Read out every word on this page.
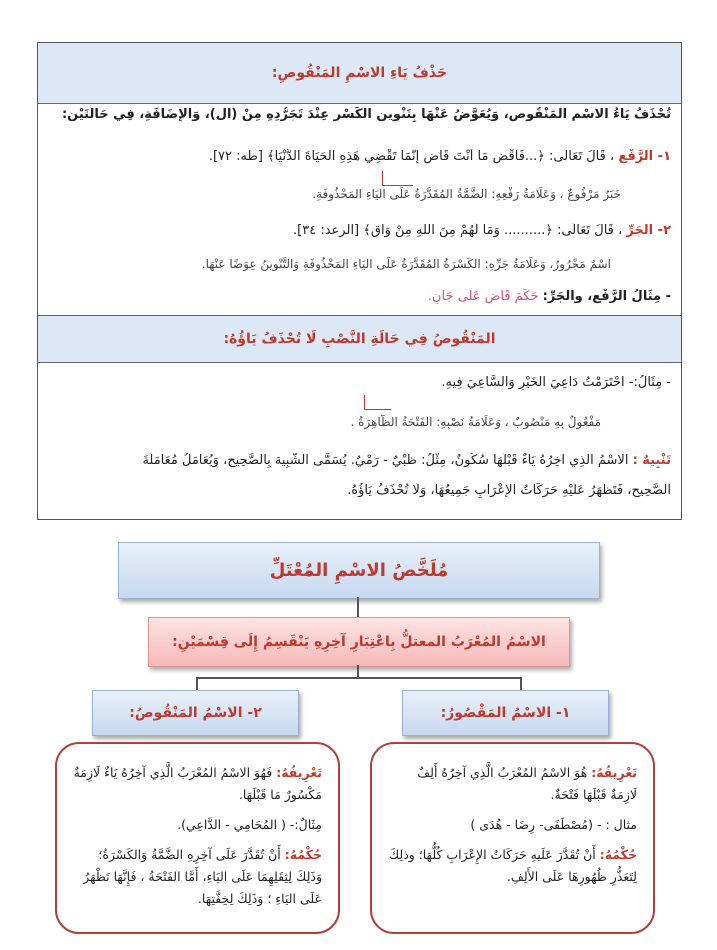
حَذْفُ يَاءِ الاسْمِ المَنْقُوصِ:
تُحْذَفُ يَاءُ الاسْمِ المَنْقُوصِ، وَيُعَوَّضُ عَنْهَا بِتَنْوِينِ الكَسْرِ عِنْدَ تَجَرُّدِهِ مِنْ (ال)، وَالإِضَافَةِ، فِي حَالَتَيْنِ:
١- الرَّفْعِ ، قَالَ تَعَالَى: ﴿...فَاقْضِ مَا أَنْتَ قَاضٍ إِنَّمَا تَقْضِي هَذِهِ الْحَيَاةَ الدُّنْيَا﴾ [طه: ٧٢].
خَبَرٌ مَرْفُوعٌ ، وَعَلَامَةُ رَفْعِهِ: الضَّمَّةُ المُقَدَّرَةُ عَلَى اليَاءِ المَحْذُوفَةِ.
٢- الجَرِّ ، قَالَ تَعَالَى: ﴿.......... وَمَا لَهُمْ مِنَ اللَّهِ مِنْ وَاقٍ﴾ [الرعد: ٣٤].
اسْمٌ مَجْرُورٌ، وَعَلَامَةُ جَرِّهِ: الكَسْرَةُ المُقَدَّرَةُ عَلَى اليَاءِ المَحْذُوفَةِ وَالتَّنْوِينُ عِوَضًا عَنْهَا.
- مِثَالُ الرَّفْعِ، والجَرِّ: حَكَمَ قَاضٍ عَلَى جَانٍ.
المَنْقُوصُ فِي حَالَةِ النَّصْبِ لَا تُحْذَفُ يَاؤُهُ:
- مِثَالُ:- احْتَرَمْتُ دَاعِيَ الخَيْرِ وَالسَّاعِيَ فِيهِ.
مَفْعُولٌ بِهِ مَنْصُوبٌ ، وَعَلَامَةُ نَصْبِهِ: الفَتْحَةُ الظَّاهِرَةُ .
تَنْبِيهٌ : الاسْمُ الَّذِي آخِرُهُ يَاءٌ قَبْلَهَا سُكُونٌ، مِثْلُ: ظَبْيٌ - رَمْيٌ. يُسَمَّى الشَّبِيهَ بِالصَّحِيحِ، وَيُعَامَلُ مُعَامَلَةَ
الصَّحِيحِ، فَتَظْهَرُ عَلَيْهِ حَرَكَاتُ الإِعْرَابِ جَمِيعُهَا، وَلَا تُحْذَفُ يَاؤُهُ.
مُلَخَّصُ الاسْمِ المُعْتَلِّ
الاسْمُ المُعْرَبُ المعتلُّ بِاعْتِبَارِ آخِرِهِ يَنْقَسِمُ إِلَى قِسْمَيْنِ:
١- الاسْمُ المَقْصُورُ:
٢- الاسْمُ المَنْقُوصُ:

تَعْرِيفُهُ: هُوَ الاسْمُ المُعْرَبُ الَّذِي آخِرُهُ أَلِفٌ لَازِمَةٌ قَبْلَهَا فَتْحَةٌ.

مثال : - (مُصْطَفَى- رِضَا - هُدَى )

حُكْمُهُ: أَنْ تُقَدَّرَ عَلَيهِ حَرَكَاتُ الإِعْرَابِ كُلُّهَا؛ وذلِكَ لِتَعَذُّرِ ظُهُورِهَا عَلَى الأَلِفِ.

تَعْرِيفُهُ: فَهُوَ الاسْمُ المُعْرَبُ الَّذِي آخِرُهُ يَاءٌ لَازِمَةٌ مَكْسُورٌ مَا قَبْلَهَا.

مِثَالٌ:- ( المُحَامِي - الدَّاعِي).

حُكْمُهُ: أَنْ تُقَدَّرَ عَلَى آخِرِهِ الضَّمَّةُ وَالكَسْرَةُ؛ وَذَلِكَ لِثِقَلِهِمَا عَلَى اليَاءِ، أَمَّا الفَتْحَةُ ، فَإِنَّهَا تَظْهَرُ عَلَى اليَاءِ ؛ وَذَلِكَ لِخِفَّتِهَا.
